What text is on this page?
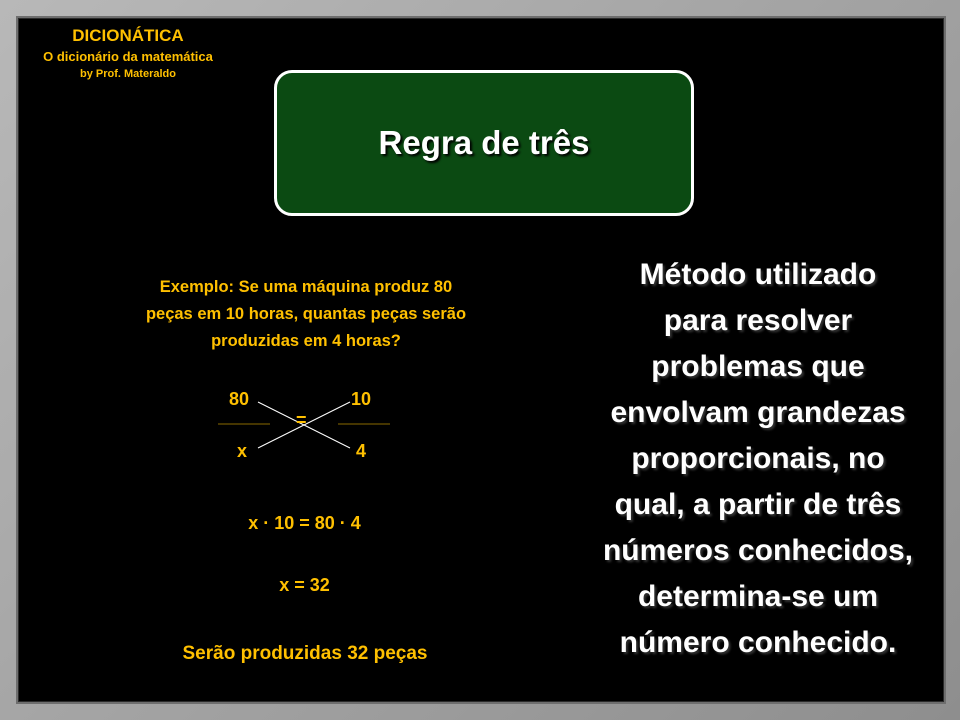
DICIONÁTICA
O dicionário da matemática
by Prof. Materaldo
Regra de três
Exemplo: Se uma máquina produz 80
peças em 10 horas, quantas peças serão
produzidas em 4 horas?
80
x
10
4
=
x · 10 = 80 · 4
x = 32
Serão produzidas 32 peças
Método utilizado
para resolver
problemas que
envolvam grandezas
proporcionais, no
qual, a partir de três
números conhecidos,
determina-se um
número conhecido.
